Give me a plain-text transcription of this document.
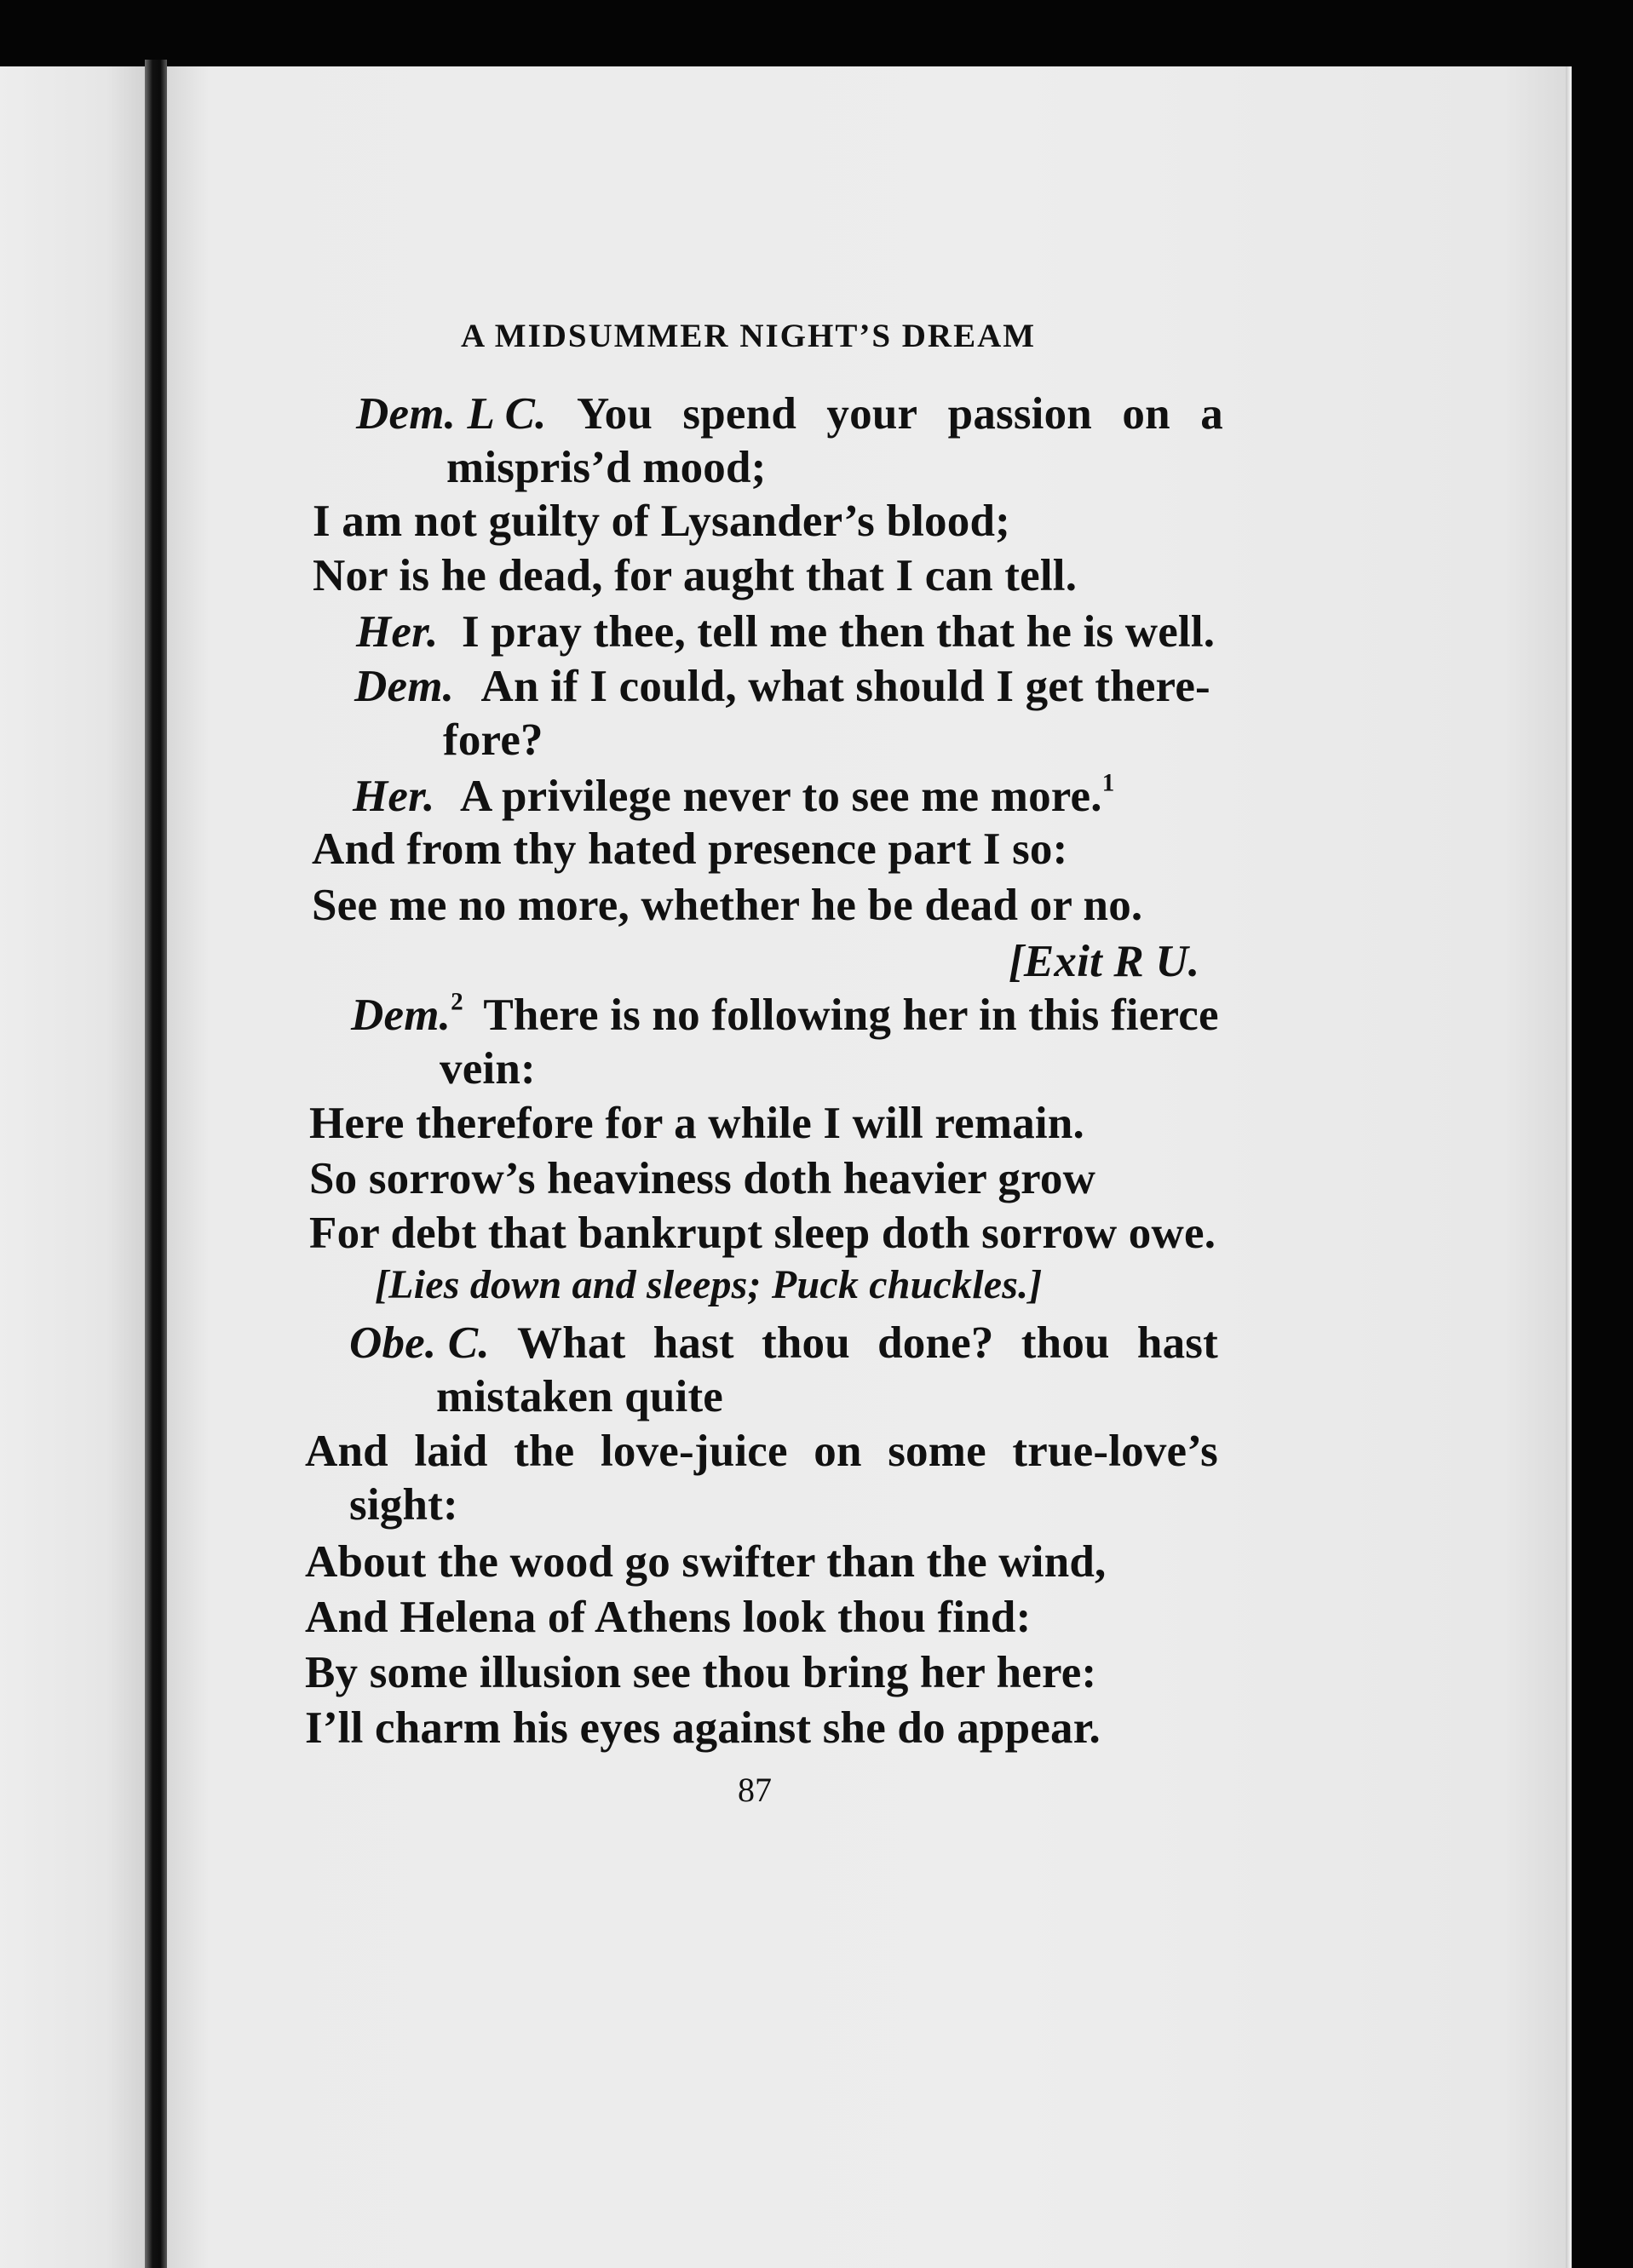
A MIDSUMMER NIGHT’S DREAM
Dem. L C. You spend your passion on a
mispris’d mood;
I am not guilty of Lysander’s blood;
Nor is he dead, for aught that I can tell.
Her. I pray thee, tell me then that he is well.
Dem. An if I could, what should I get there-
fore?
Her. A privilege never to see me more.$^1$
And from thy hated presence part I so:
See me no more, whether he be dead or no.
[Exit R U.
Dem.$^2$ There is no following her in this fierce
vein:
Here therefore for a while I will remain.
So sorrow’s heaviness doth heavier grow
For debt that bankrupt sleep doth sorrow owe.
[Lies down and sleeps; Puck chuckles.]
Obe. C. What hast thou done? thou hast
mistaken quite
And laid the love-juice on some true-love’s
sight:
About the wood go swifter than the wind,
And Helena of Athens look thou find:
By some illusion see thou bring her here:
I’ll charm his eyes against she do appear.
87
